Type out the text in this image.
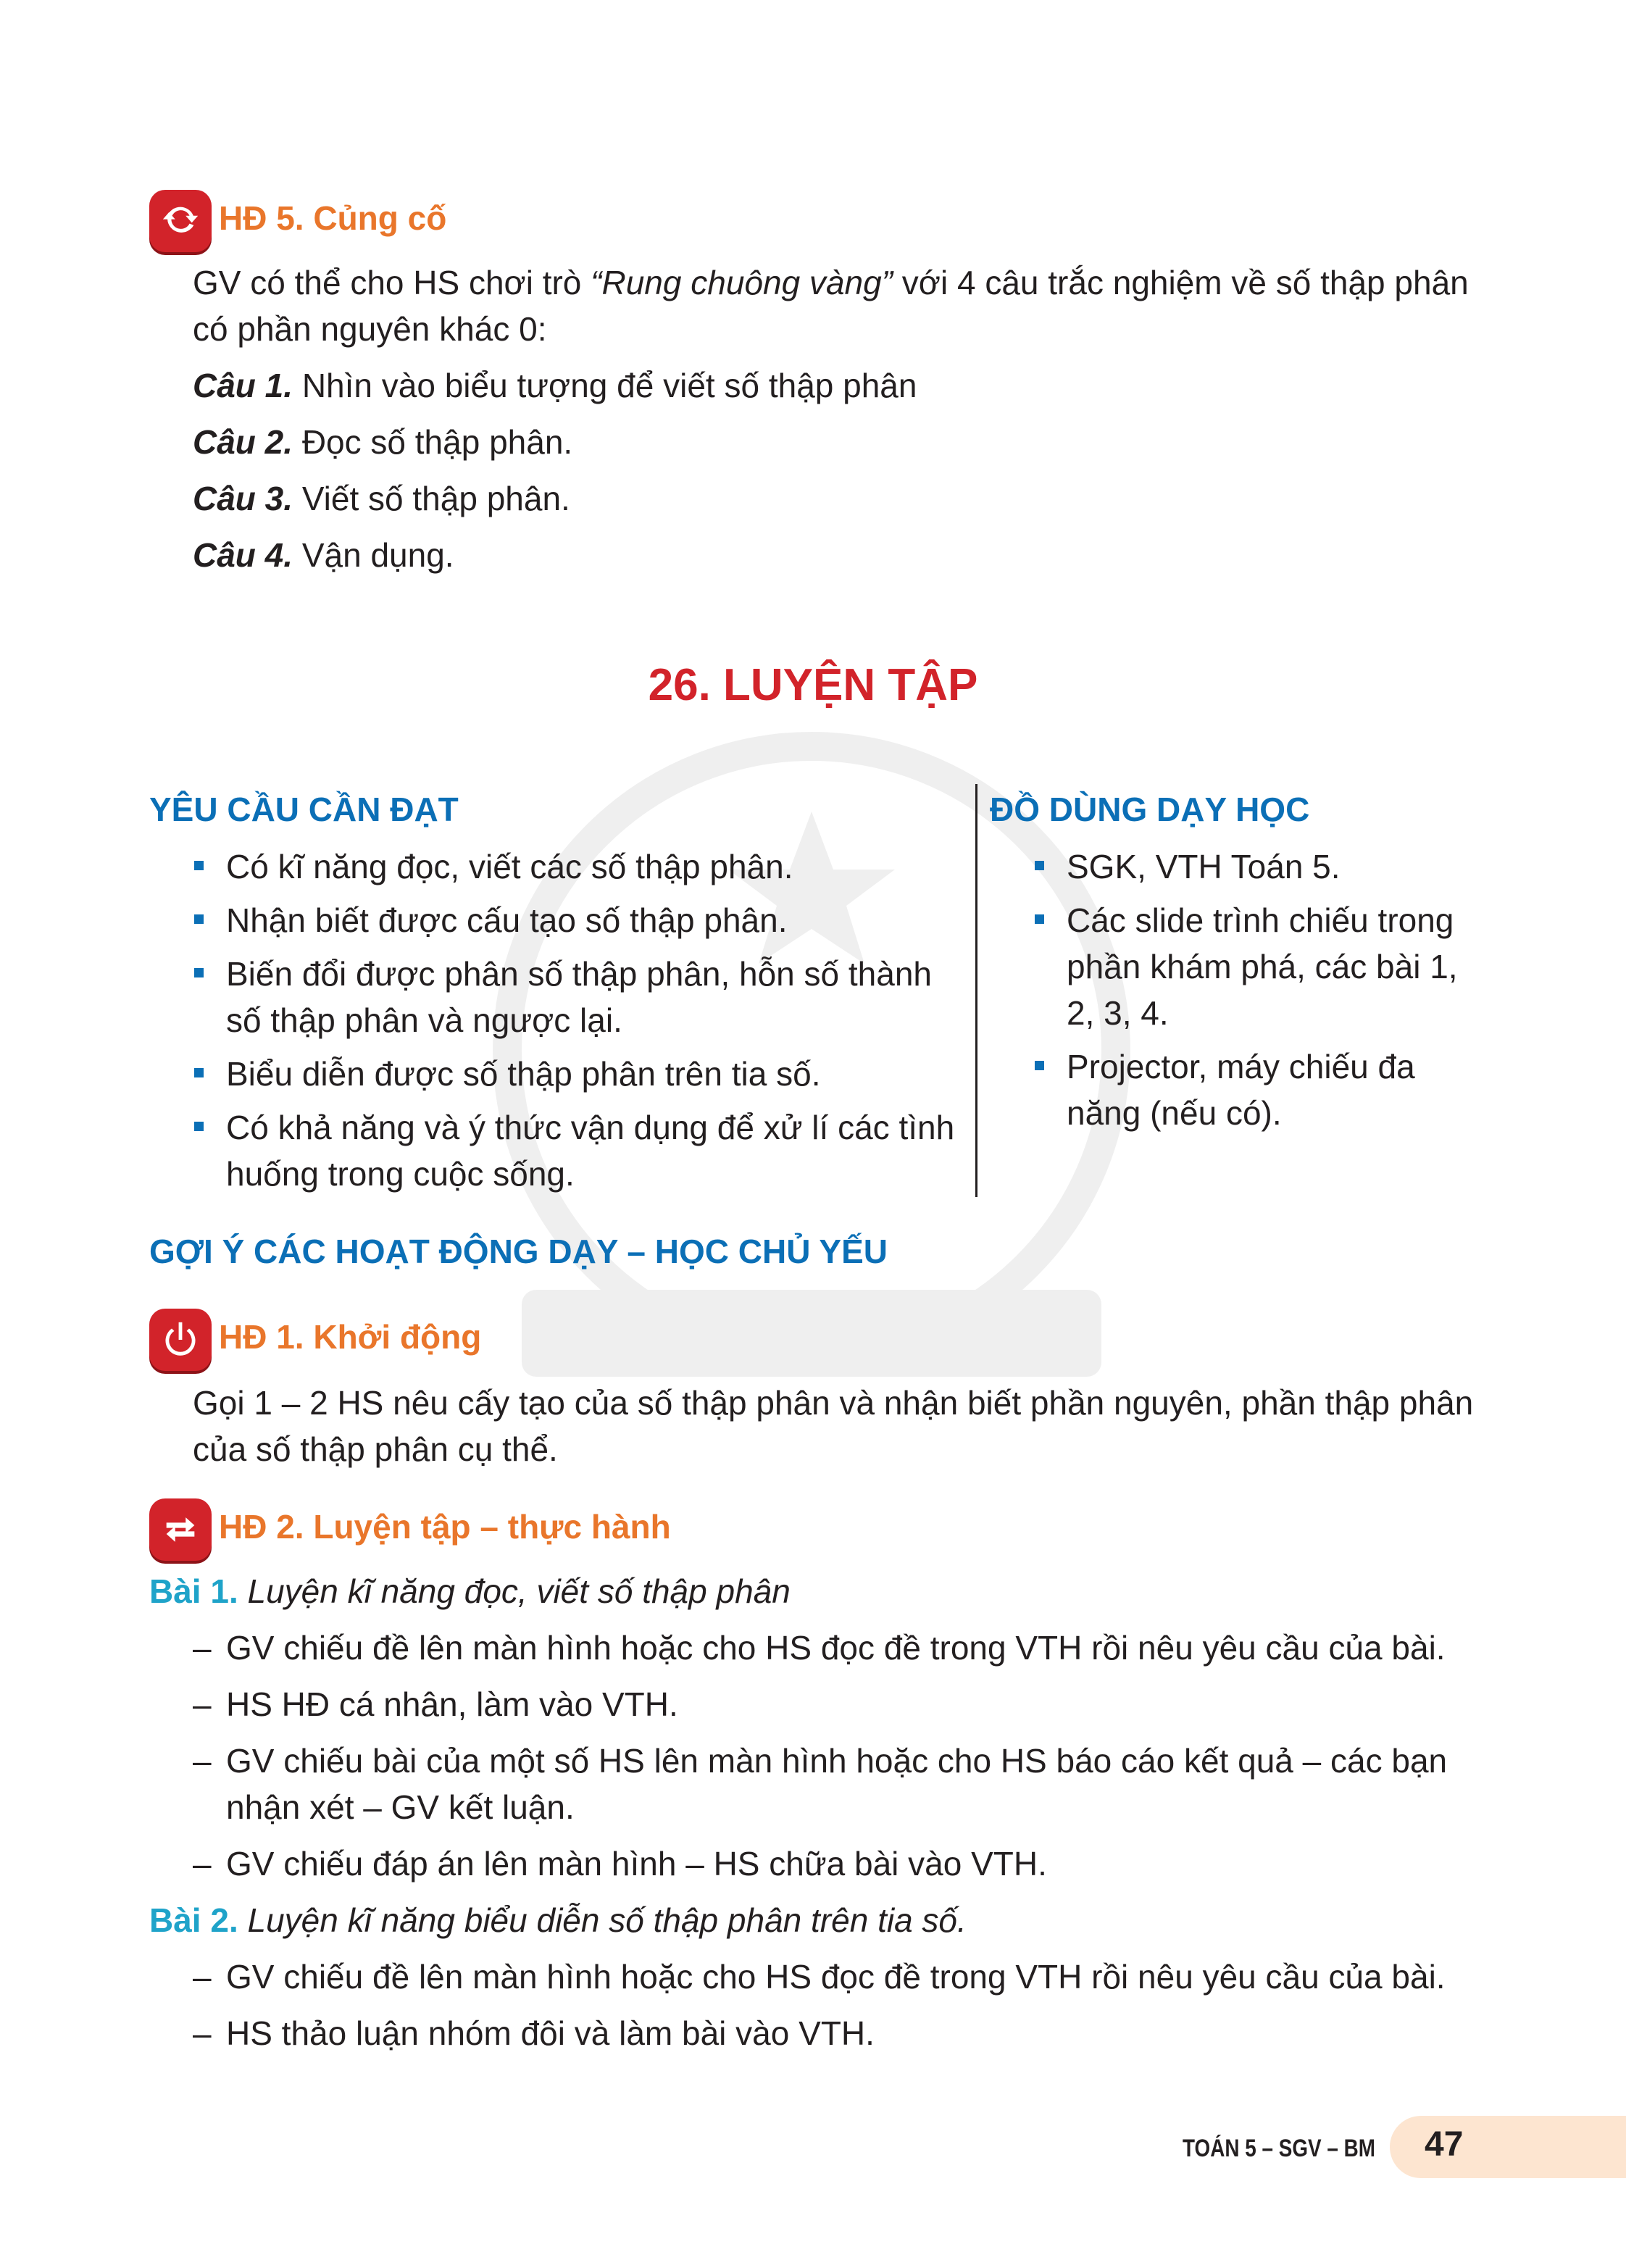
HĐ 5. Củng cố
GV có thể cho HS chơi trò “Rung chuông vàng” với 4 câu trắc nghiệm về số thập phân
có phần nguyên khác 0:
Câu 1. Nhìn vào biểu tượng để viết số thập phân
Câu 2. Đọc số thập phân.
Câu 3. Viết số thập phân.
Câu 4. Vận dụng.
26. LUYỆN TẬP
YÊU CẦU CẦN ĐẠT
Có kĩ năng đọc, viết các số thập phân.
Nhận biết được cấu tạo số thập phân.
Biến đổi được phân số thập phân, hỗn số thành
số thập phân và ngược lại.
Biểu diễn được số thập phân trên tia số.
Có khả năng và ý thức vận dụng để xử lí các tình
huống trong cuộc sống.
ĐỒ DÙNG DẠY HỌC
SGK, VTH Toán 5.
Các slide trình chiếu trong
phần khám phá, các bài 1,
2, 3, 4.
Projector, máy chiếu đa
năng (nếu có).
GỢI Ý CÁC HOẠT ĐỘNG DẠY – HỌC CHỦ YẾU
HĐ 1. Khởi động
Gọi 1 – 2 HS nêu cấy tạo của số thập phân và nhận biết phần nguyên, phần thập phân
của số thập phân cụ thể.
HĐ 2. Luyện tập – thực hành
Bài 1. Luyện kĩ năng đọc, viết số thập phân
– GV chiếu đề lên màn hình hoặc cho HS đọc đề trong VTH rồi nêu yêu cầu của bài.
– HS HĐ cá nhân, làm vào VTH.
– GV chiếu bài của một số HS lên màn hình hoặc cho HS báo cáo kết quả – các bạn
nhận xét – GV kết luận.
– GV chiếu đáp án lên màn hình – HS chữa bài vào VTH.
Bài 2. Luyện kĩ năng biểu diễn số thập phân trên tia số.
– GV chiếu đề lên màn hình hoặc cho HS đọc đề trong VTH rồi nêu yêu cầu của bài.
– HS thảo luận nhóm đôi và làm bài vào VTH.
TOÁN 5 – SGV – BM 47
